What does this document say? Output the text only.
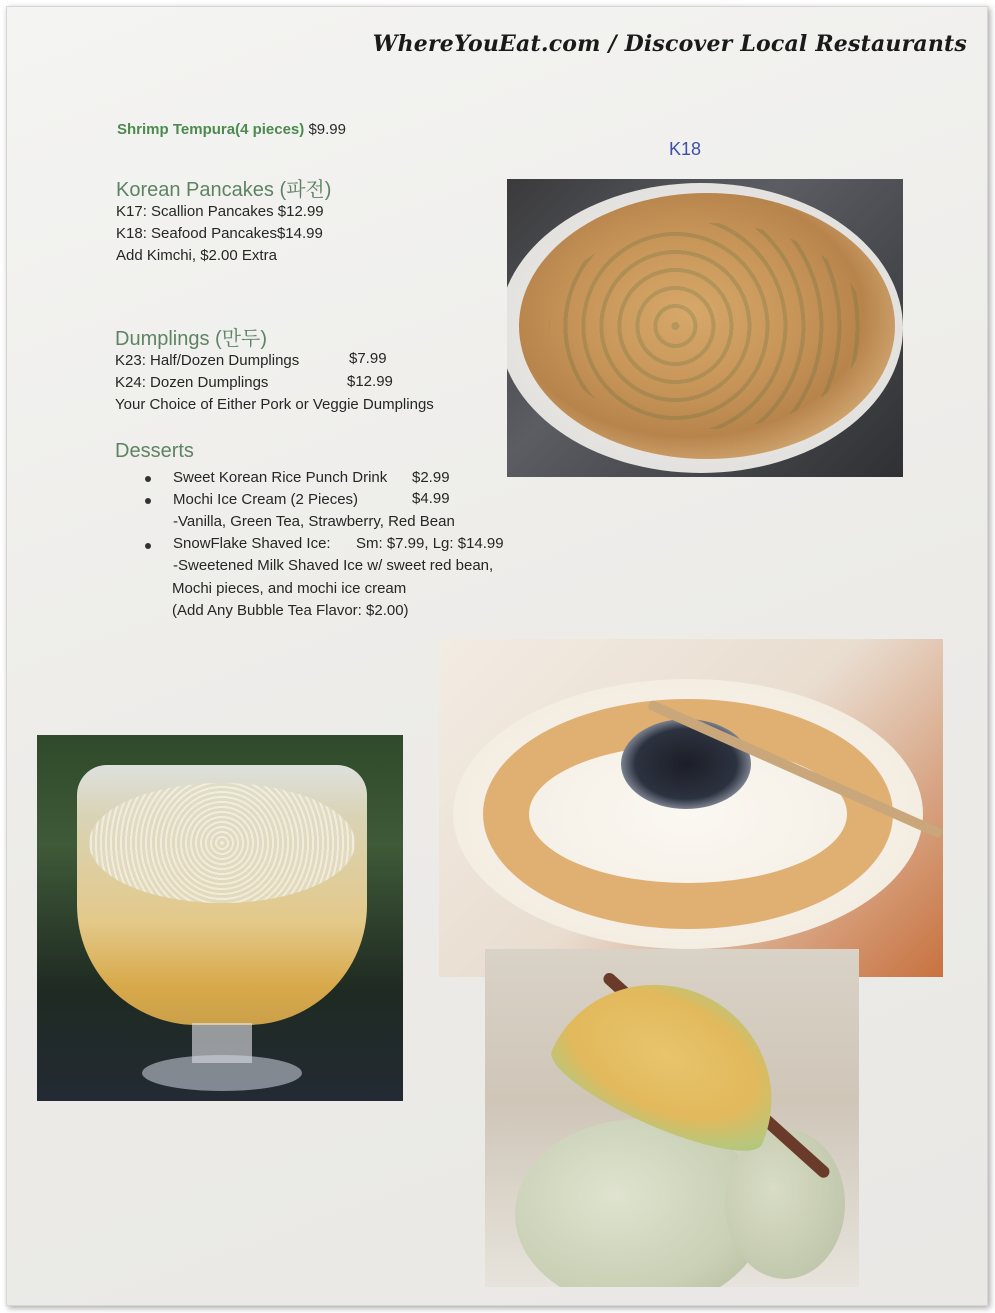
WhereYouEat.com / Discover Local Restaurants
Shrimp Tempura(4 pieces) $9.99
K18
Korean Pancakes (파전)
K17: Scallion Pancakes $12.99
K18: Seafood Pancakes$14.99
Add Kimchi, $2.00 Extra
Dumplings (만두)
K23: Half/Dozen Dumplings	$7.99
K24: Dozen Dumplings	$12.99
Your Choice of Either Pork or Veggie Dumplings
Desserts
Sweet Korean Rice Punch Drink $2.99
Mochi Ice Cream (2 Pieces)	$4.99
-Vanilla, Green Tea, Strawberry, Red Bean
SnowFlake Shaved Ice: Sm: $7.99, Lg: $14.99
-Sweetened Milk Shaved Ice w/ sweet red bean,
Mochi pieces, and mochi ice cream
(Add Any Bubble Tea Flavor: $2.00)
